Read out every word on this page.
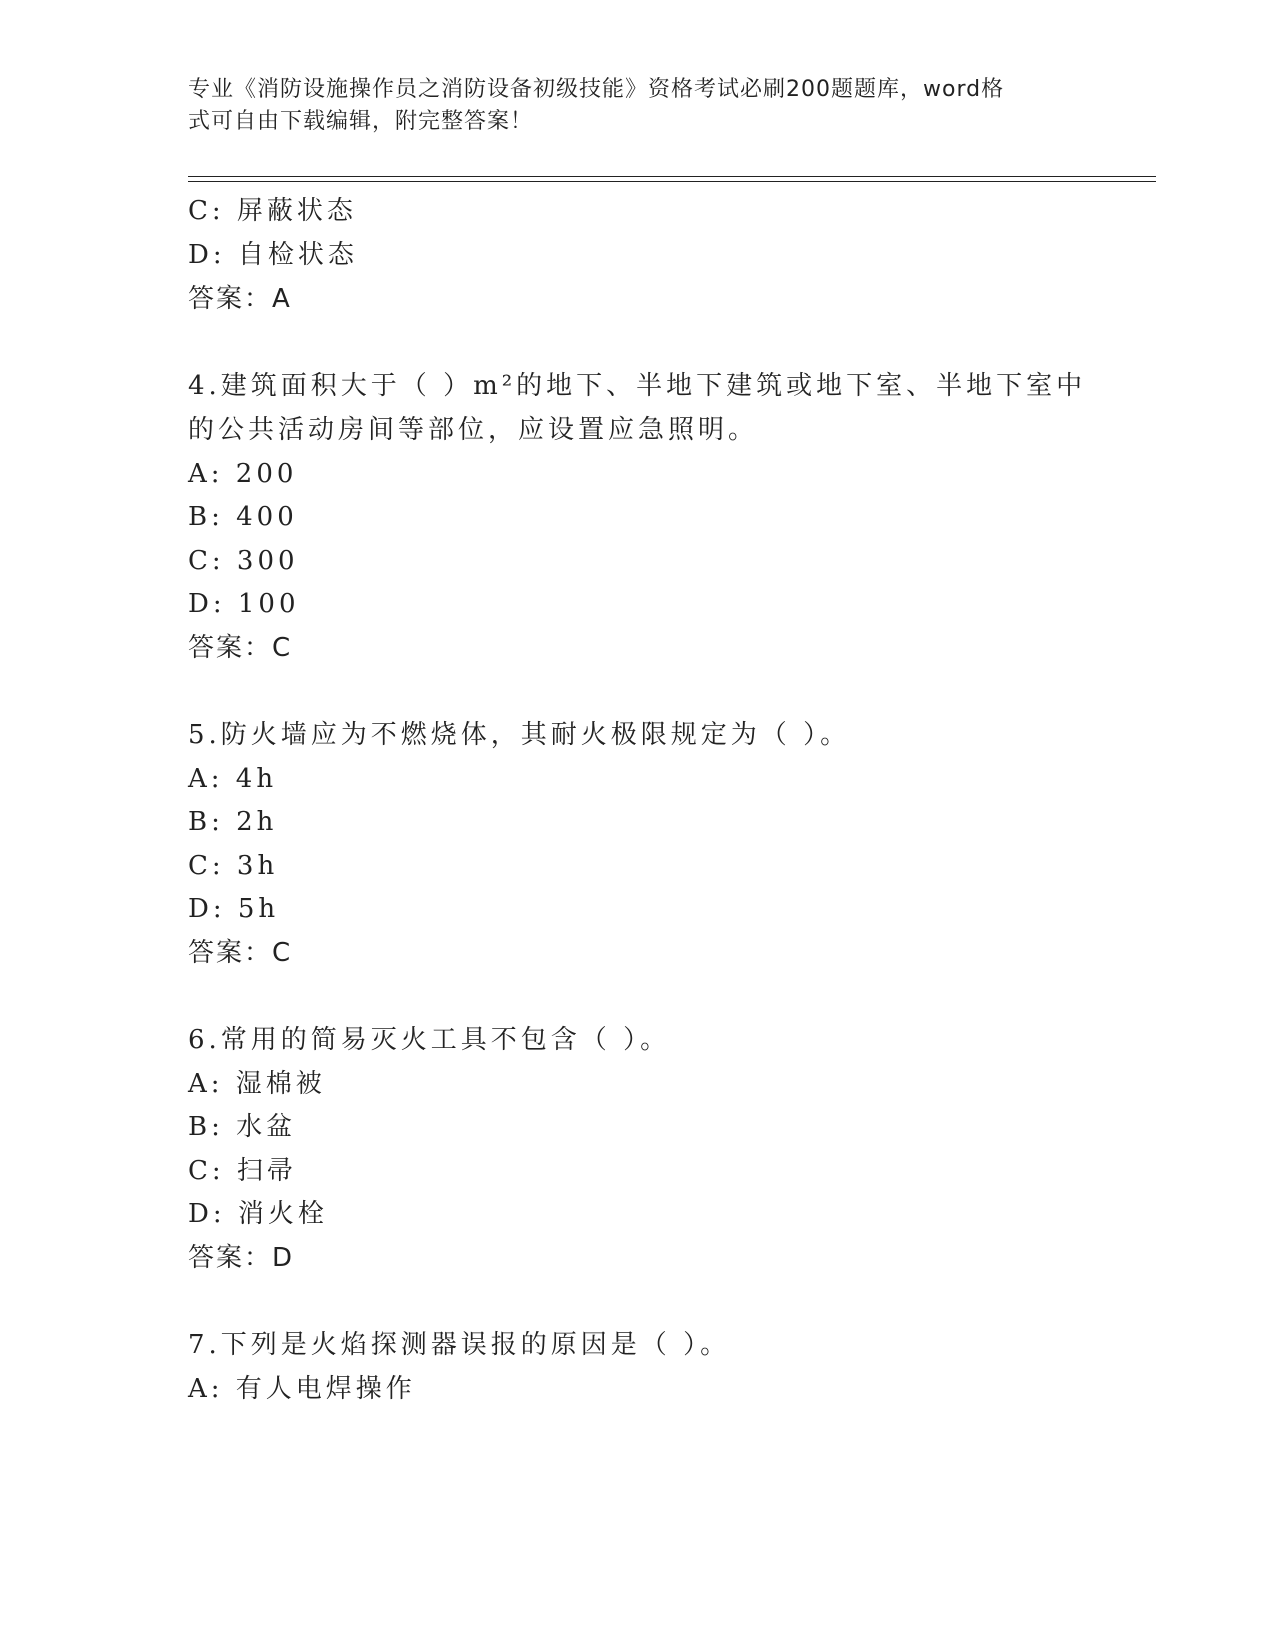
专业《消防设施操作员之消防设备初级技能》资格考试必刷200题题库，word格
式可自由下载编辑，附完整答案！
C: 屏蔽状态
D: 自检状态
答案：A
4.建筑面积大于（ ）m²的地下、半地下建筑或地下室、半地下室中
的公共活动房间等部位，应设置应急照明。
A: 200
B: 400
C: 300
D: 100
答案：C
5.防火墙应为不燃烧体，其耐火极限规定为（ ）。
A: 4h
B: 2h
C: 3h
D: 5h
答案：C
6.常用的简易灭火工具不包含（ ）。
A: 湿棉被
B: 水盆
C: 扫帚
D: 消火栓
答案：D
7.下列是火焰探测器误报的原因是（ ）。
A: 有人电焊操作
